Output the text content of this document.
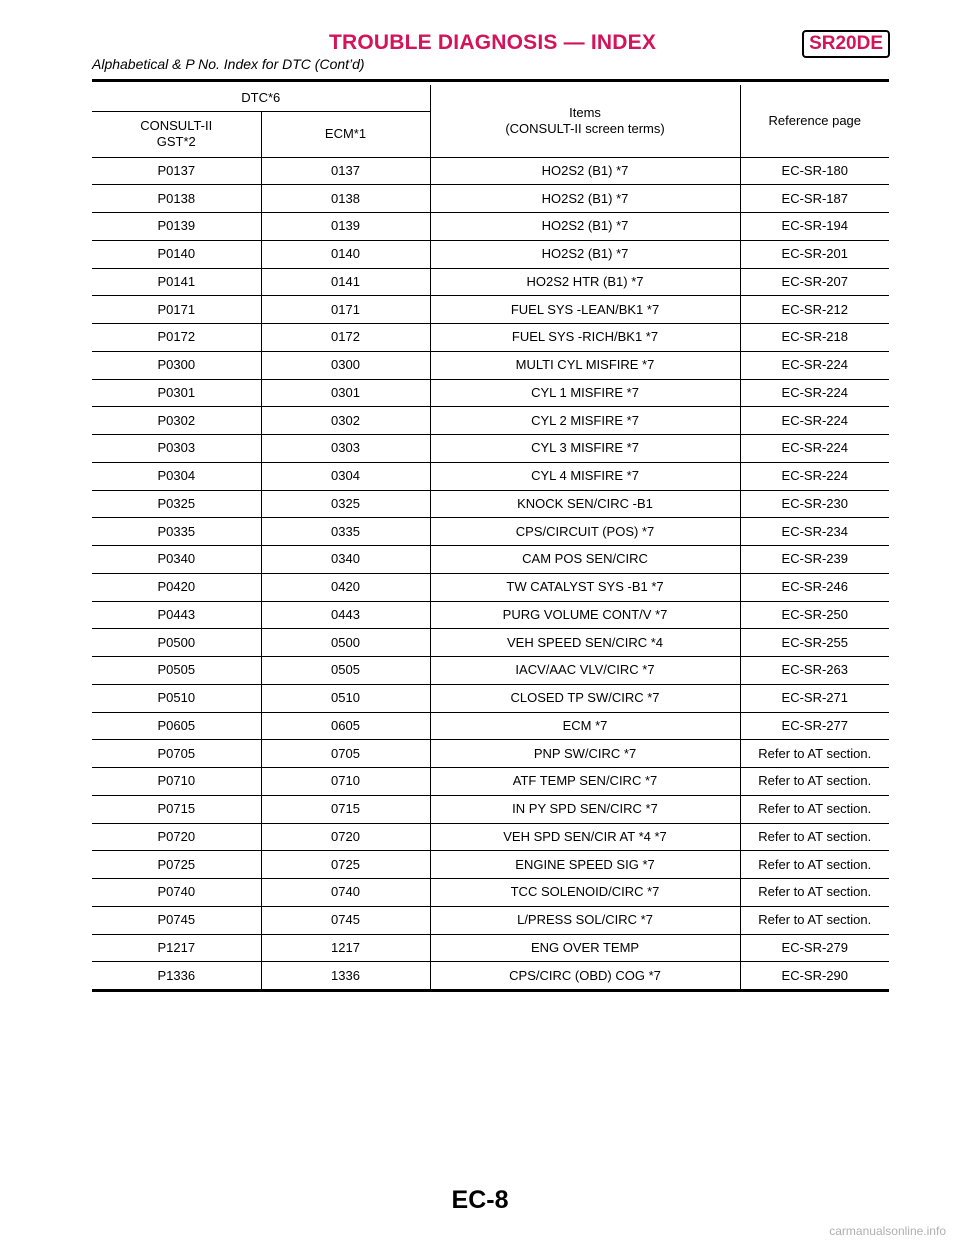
TROUBLE DIAGNOSIS — INDEX	SR20DE
Alphabetical & P No. Index for DTC (Cont’d)
DTC*6		Items
(CONSULT-II screen terms)	Reference page
CONSULT-II
GST*2	ECM*1		
P0137	0137	HO2S2 (B1) *7	EC-SR-180
P0138	0138	HO2S2 (B1) *7	EC-SR-187
P0139	0139	HO2S2 (B1) *7	EC-SR-194
P0140	0140	HO2S2 (B1) *7	EC-SR-201
P0141	0141	HO2S2 HTR (B1) *7	EC-SR-207
P0171	0171	FUEL SYS -LEAN/BK1 *7	EC-SR-212
P0172	0172	FUEL SYS -RICH/BK1 *7	EC-SR-218
P0300	0300	MULTI CYL MISFIRE *7	EC-SR-224
P0301	0301	CYL 1 MISFIRE *7	EC-SR-224
P0302	0302	CYL 2 MISFIRE *7	EC-SR-224
P0303	0303	CYL 3 MISFIRE *7	EC-SR-224
P0304	0304	CYL 4 MISFIRE *7	EC-SR-224
P0325	0325	KNOCK SEN/CIRC -B1	EC-SR-230
P0335	0335	CPS/CIRCUIT (POS) *7	EC-SR-234
P0340	0340	CAM POS SEN/CIRC	EC-SR-239
P0420	0420	TW CATALYST SYS -B1 *7	EC-SR-246
P0443	0443	PURG VOLUME CONT/V *7	EC-SR-250
P0500	0500	VEH SPEED SEN/CIRC *4	EC-SR-255
P0505	0505	IACV/AAC VLV/CIRC *7	EC-SR-263
P0510	0510	CLOSED TP SW/CIRC *7	EC-SR-271
P0605	0605	ECM *7	EC-SR-277
P0705	0705	PNP SW/CIRC *7	Refer to AT section.
P0710	0710	ATF TEMP SEN/CIRC *7	Refer to AT section.
P0715	0715	IN PY SPD SEN/CIRC *7	Refer to AT section.
P0720	0720	VEH SPD SEN/CIR AT *4 *7	Refer to AT section.
P0725	0725	ENGINE SPEED SIG *7	Refer to AT section.
P0740	0740	TCC SOLENOID/CIRC *7	Refer to AT section.
P0745	0745	L/PRESS SOL/CIRC *7	Refer to AT section.
P1217	1217	ENG OVER TEMP	EC-SR-279
P1336	1336	CPS/CIRC (OBD) COG *7	EC-SR-290
EC-8
carmanualsonline.info
